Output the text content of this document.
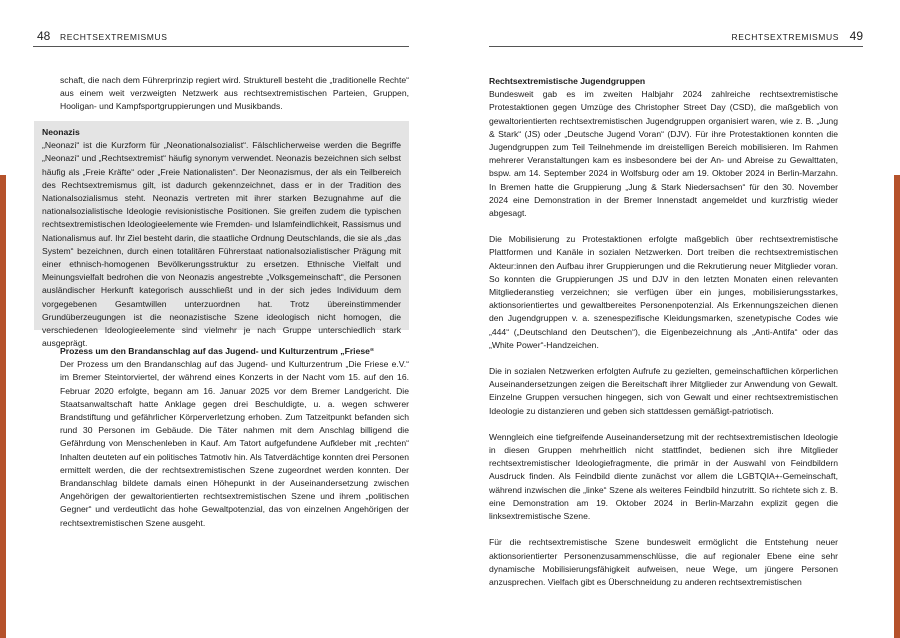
48 RECHTSEXTREMISMUS

schaft, die nach dem Führerprinzip regiert wird. Strukturell besteht die „traditionelle Rechte“ aus einem weit verzweigten Netzwerk aus rechtsextremistischen Parteien, Gruppen, Hooligan- und Kampfsportgruppierungen und Musikbands.

Neonazis

„Neonazi“ ist die Kurzform für „Neonationalsozialist“. Fälschlicherweise werden die Begriffe „Neonazi“ und „Rechtsextremist“ häufig synonym verwendet. Neonazis bezeichnen sich selbst häufig als „Freie Kräfte“ oder „Freie Nationalisten“. Der Neonazismus, der als ein Teilbereich des Rechtsextremismus gilt, ist dadurch gekennzeichnet, dass er in der Tradition des Nationalsozialismus steht. Neonazis vertreten mit ihrer starken Bezugnahme auf die nationalsozialistische Ideologie revisionistische Positionen. Sie greifen zudem die typischen rechtsextremistischen Ideologieelemente wie Fremden- und Islamfeindlichkeit, Rassismus und Nationalismus auf. Ihr Ziel besteht darin, die staatliche Ordnung Deutschlands, die sie als „das System“ bezeichnen, durch einen totalitären Führerstaat nationalsozialistischer Prägung mit einer ethnisch-homogenen Bevölkerungsstruktur zu ersetzen. Ethnische Vielfalt und Meinungsvielfalt bedrohen die von Neonazis angestrebte „Volksgemeinschaft“, die Personen ausländischer Herkunft kategorisch ausschließt und in der sich jedes Individuum dem vorgegebenen Gesamtwillen unterzuordnen hat. Trotz übereinstimmender Grundüberzeugungen ist die neonazistische Szene ideologisch nicht homogen, die verschiedenen Ideologieelemente sind vielmehr je nach Gruppe unterschiedlich stark ausgeprägt.

Prozess um den Brandanschlag auf das Jugend- und Kulturzentrum „Friese“

Der Prozess um den Brandanschlag auf das Jugend- und Kulturzentrum „Die Friese e.V.“ im Bremer Steintorviertel, der während eines Konzerts in der Nacht vom 15. auf den 16. Februar 2020 erfolgte, begann am 16. Januar 2025 vor dem Bremer Landgericht. Die Staatsanwaltschaft hatte Anklage gegen drei Beschuldigte, u. a. wegen schwerer Brandstiftung und gefährlicher Körperverletzung erhoben. Zum Tatzeitpunkt befanden sich rund 30 Personen im Gebäude. Die Täter nahmen mit dem Anschlag billigend die Gefährdung von Menschenleben in Kauf. Am Tatort aufgefundene Aufkleber mit „rechten“ Inhalten deuteten auf ein politisches Tatmotiv hin. Als Tatverdächtige konnten drei Personen ermittelt werden, die der rechtsextremistischen Szene zugeordnet werden konnten. Der Brandanschlag bildete damals einen Höhepunkt in der Auseinandersetzung zwischen Angehörigen der gewaltorientierten rechtsextremistischen Szene und ihrem „politischen Gegner“ und verdeutlicht das hohe Gewaltpotenzial, das von einzelnen Angehörigen der rechtsextremistischen Szene ausgeht.

RECHTSEXTREMISMUS 49

Rechtsextremistische Jugendgruppen

Bundesweit gab es im zweiten Halbjahr 2024 zahlreiche rechtsextremistische Protestaktionen gegen Umzüge des Christopher Street Day (CSD), die maßgeblich von gewaltorientierten rechtsextremistischen Jugendgruppen organisiert waren, wie z. B. „Jung & Stark“ (JS) oder „Deutsche Jugend Voran“ (DJV). Für ihre Protestaktionen konnten die Jugendgruppen zum Teil Teilnehmende im dreistelligen Bereich mobilisieren. Im Rahmen mehrerer Veranstaltungen kam es insbesondere bei der An- und Abreise zu Gewalttaten, bspw. am 14. September 2024 in Wolfsburg oder am 19. Oktober 2024 in Berlin-Marzahn. In Bremen hatte die Gruppierung „Jung & Stark Niedersachsen“ für den 30. November 2024 eine Demonstration in der Bremer Innenstadt angemeldet und kurzfristig wieder abgesagt.

Die Mobilisierung zu Protestaktionen erfolgte maßgeblich über rechtsextremistische Plattformen und Kanäle in sozialen Netzwerken. Dort treiben die rechtsextremistischen Akteur:innen den Aufbau ihrer Gruppierungen und die Rekrutierung neuer Mitglieder voran. So konnten die Gruppierungen JS und DJV in den letzten Monaten einen relevanten Mitgliederanstieg verzeichnen; sie verfügen über ein junges, mobilisierungsstarkes, aktionsorientiertes und gewaltbereites Personenpotenzial. Als Erkennungszeichen dienen den Jugendgruppen v. a. szenespezifische Kleidungsmarken, szenetypische Codes wie „444“ („Deutschland den Deutschen“), die Eigenbezeichnung als „Anti-Antifa“ oder das „White Power“-Handzeichen.

Die in sozialen Netzwerken erfolgten Aufrufe zu gezielten, gemeinschaftlichen körperlichen Auseinandersetzungen zeigen die Bereitschaft ihrer Mitglieder zur Anwendung von Gewalt. Einzelne Gruppen versuchen hingegen, sich von Gewalt und einer rechtsextremistischen Ideologie zu distanzieren und geben sich stattdessen gemäßigt-patriotisch.

Wenngleich eine tiefgreifende Auseinandersetzung mit der rechtsextremistischen Ideologie in diesen Gruppen mehrheitlich nicht stattfindet, bedienen sich ihre Mitglieder rechtsextremistischer Ideologiefragmente, die primär in der Auswahl von Feindbildern Ausdruck finden. Als Feindbild diente zunächst vor allem die LGBTQIA+-Gemeinschaft, während inzwischen die „linke“ Szene als weiteres Feindbild hinzutritt. So richtete sich z. B. eine Demonstration am 19. Oktober 2024 in Berlin-Marzahn explizit gegen die linksextremistische Szene.

Für die rechtsextremistische Szene bundesweit ermöglicht die Entstehung neuer aktionsorientierter Personenzusammenschlüsse, die auf regionaler Ebene eine sehr dynamische Mobilisierungsfähigkeit aufweisen, neue Wege, um jüngere Personen anzusprechen. Vielfach gibt es Überschneidung zu anderen rechtsextremistischen
